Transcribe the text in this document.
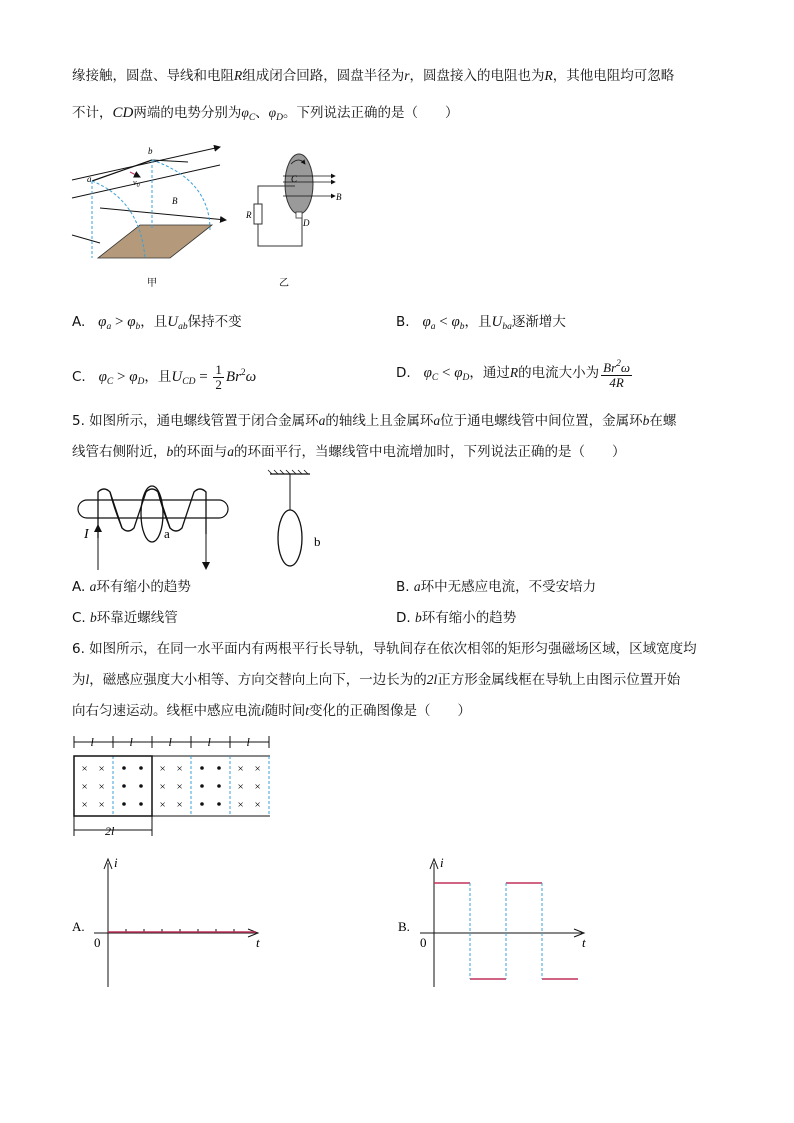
缘接触，圆盘、导线和电阻R组成闭合回路，圆盘半径为r，圆盘接入的电阻也为R，其他电阻均可忽略
不计，CD两端的电势分别为$\varphi_C$、$\varphi_D$。下列说法正确的是（　　）
a
b
$v_0$
B
甲
C
B
R
D
乙
A. $\varphi_a > \varphi_b$，且$U_{ab}$保持不变	B. $\varphi_a < \varphi_b$，且$U_{ba}$逐渐增大
C. $\varphi_C > \varphi_D$，且$U_{CD} = \frac{1}{2} Br^2\omega$	D. $\varphi_C < \varphi_D$，通过R的电流大小为 $\frac{Br^2\omega}{4R}$
5. 如图所示，通电螺线管置于闭合金属环a的轴线上且金属环a位于通电螺线管中间位置，金属环b在螺
线管右侧附近，b的环面与a的环面平行，当螺线管中电流增加时，下列说法正确的是（　　）
I	a
b
A. a环有缩小的趋势	B. a环中无感应电流，不受安培力
C. b环靠近螺线管	D. b环有缩小的趋势
6. 如图所示，在同一水平面内有两根平行长导轨，导轨间存在依次相邻的矩形匀强磁场区域，区域宽度均
为l，磁感应强度大小相等、方向交替向上向下，一边长为的2l正方形金属线框在导轨上由图示位置开始
向右匀速运动。线框中感应电流i随时间t变化的正确图像是（　　）
l	l	l	l	l
× ×
× ×
× ×
× ×
× ×
× ×
× ×
× ×
× ×
2l
i
t
0
A.
i
t
0
B.
